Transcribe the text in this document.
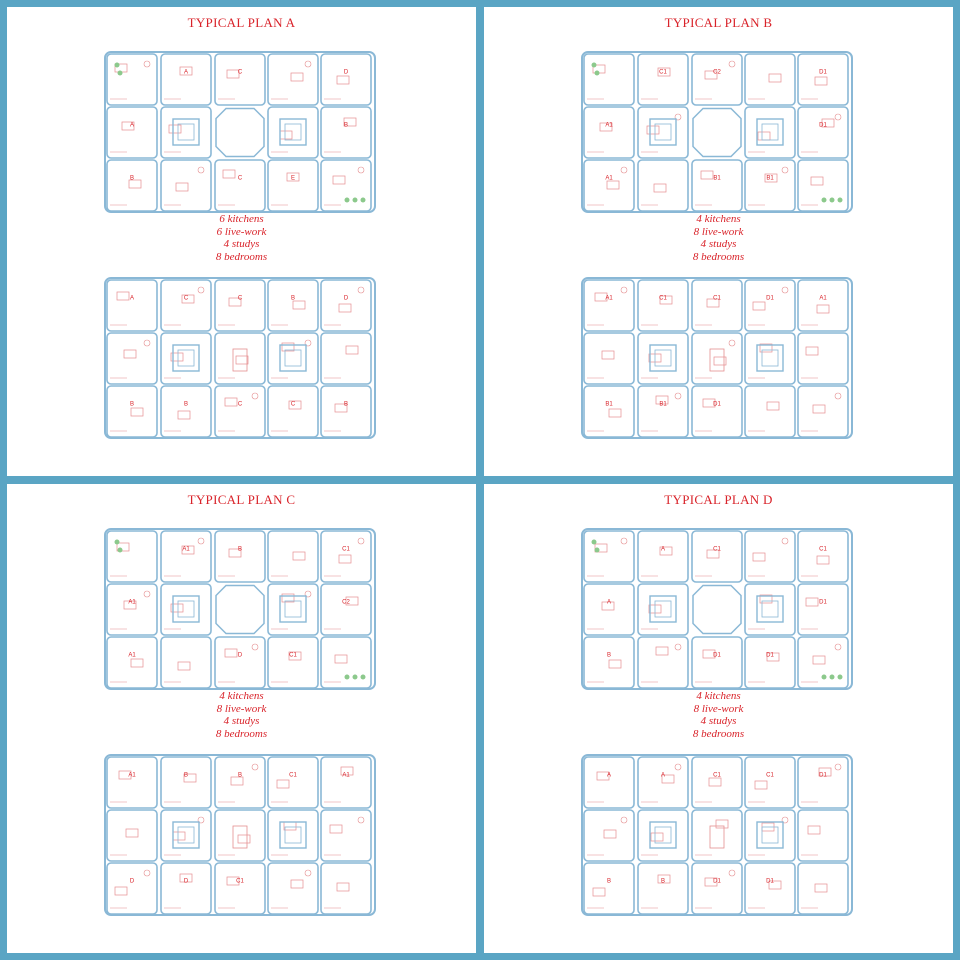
TYPICAL PLAN A
A	C	D
A	B
B	C	E
6 kitchens
6 live-work
4 studys
8 bedrooms
A	C	C	B	D
B	B	C	C	B
TYPICAL PLAN B
C1	C2	D1
A1	D1
A1	B1	B1
4 kitchens
8 live-work
4 studys
8 bedrooms
A1	C1	C1	D1	A1
B1	B1	D1
TYPICAL PLAN C
A1	B	C1
A1	C2
A1	D	C1
4 kitchens
8 live-work
4 studys
8 bedrooms
A1	B	B	C1	A1
D	D	C1
TYPICAL PLAN D
A	C1	C1
A	D1
B	D1	D1
4 kitchens
8 live-work
4 studys
8 bedrooms
A	A	C1	C1	D1
B	B	D1	D1
